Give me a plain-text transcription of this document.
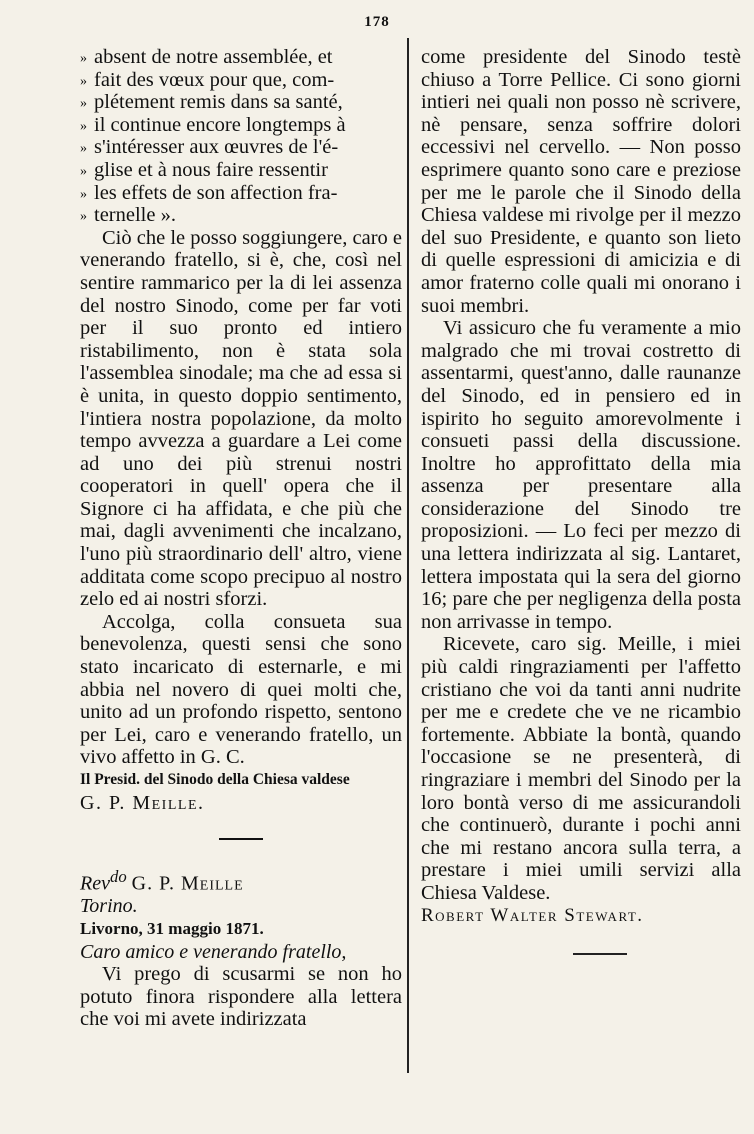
178

» absent de notre assemblée, et

» fait des vœux pour que, com-

» plétement remis dans sa santé,

» il continue encore longtemps à

» s'intéresser aux œuvres de l'é-

» glise et à nous faire ressentir

» les effets de son affection fra-

» ternelle ».

Ciò che le posso soggiungere, caro e venerando fratello, si è, che, così nel sentire rammarico per la di lei assenza del nostro Sinodo, come per far voti per il suo pronto ed intiero ristabilimento, non è stata sola l'assemblea sinodale; ma che ad essa si è unita, in questo doppio sentimento, l'intiera nostra popolazione, da molto tempo avvezza a guardare a Lei come ad uno dei più strenui nostri cooperatori in quell' opera che il Signore ci ha affidata, e che più che mai, dagli avvenimenti che incalzano, l'uno più straordinario dell' altro, viene additata come scopo precipuo al nostro zelo ed ai nostri sforzi.

Accolga, colla consueta sua benevolenza, questi sensi che sono stato incaricato di esternarle, e mi abbia nel novero di quei molti che, unito ad un profondo rispetto, sentono per Lei, caro e venerando fratello, un vivo affetto in G. C.

Il Presid. del Sinodo della Chiesa valdese

G. P. Meille.

Rev$^{do}$ G. P. Meille

Torino.

Livorno, 31 maggio 1871.

Caro amico e venerando fratello,

Vi prego di scusarmi se non ho potuto finora rispondere alla lettera che voi mi avete indirizzata

come presidente del Sinodo testè chiuso a Torre Pellice. Ci sono giorni intieri nei quali non posso nè scrivere, nè pensare, senza soffrire dolori eccessivi nel cervello. — Non posso esprimere quanto sono care e preziose per me le parole che il Sinodo della Chiesa valdese mi rivolge per il mezzo del suo Presidente, e quanto son lieto di quelle espressioni di amicizia e di amor fraterno colle quali mi onorano i suoi membri.

Vi assicuro che fu veramente a mio malgrado che mi trovai costretto di assentarmi, quest'anno, dalle raunanze del Sinodo, ed in pensiero ed in ispirito ho seguito amorevolmente i consueti passi della discussione. Inoltre ho approfittato della mia assenza per presentare alla considerazione del Sinodo tre proposizioni. — Lo feci per mezzo di una lettera indirizzata al sig. Lantaret, lettera impostata qui la sera del giorno 16; pare che per negligenza della posta non arrivasse in tempo.

Ricevete, caro sig. Meille, i miei più caldi ringraziamenti per l'affetto cristiano che voi da tanti anni nudrite per me e credete che ve ne ricambio fortemente. Abbiate la bontà, quando l'occasione se ne presenterà, di ringraziare i membri del Sinodo per la loro bontà verso di me assicurandoli che continuerò, durante i pochi anni che mi restano ancora sulla terra, a prestare i miei umili servizi alla Chiesa Valdese.

Robert Walter Stewart.
